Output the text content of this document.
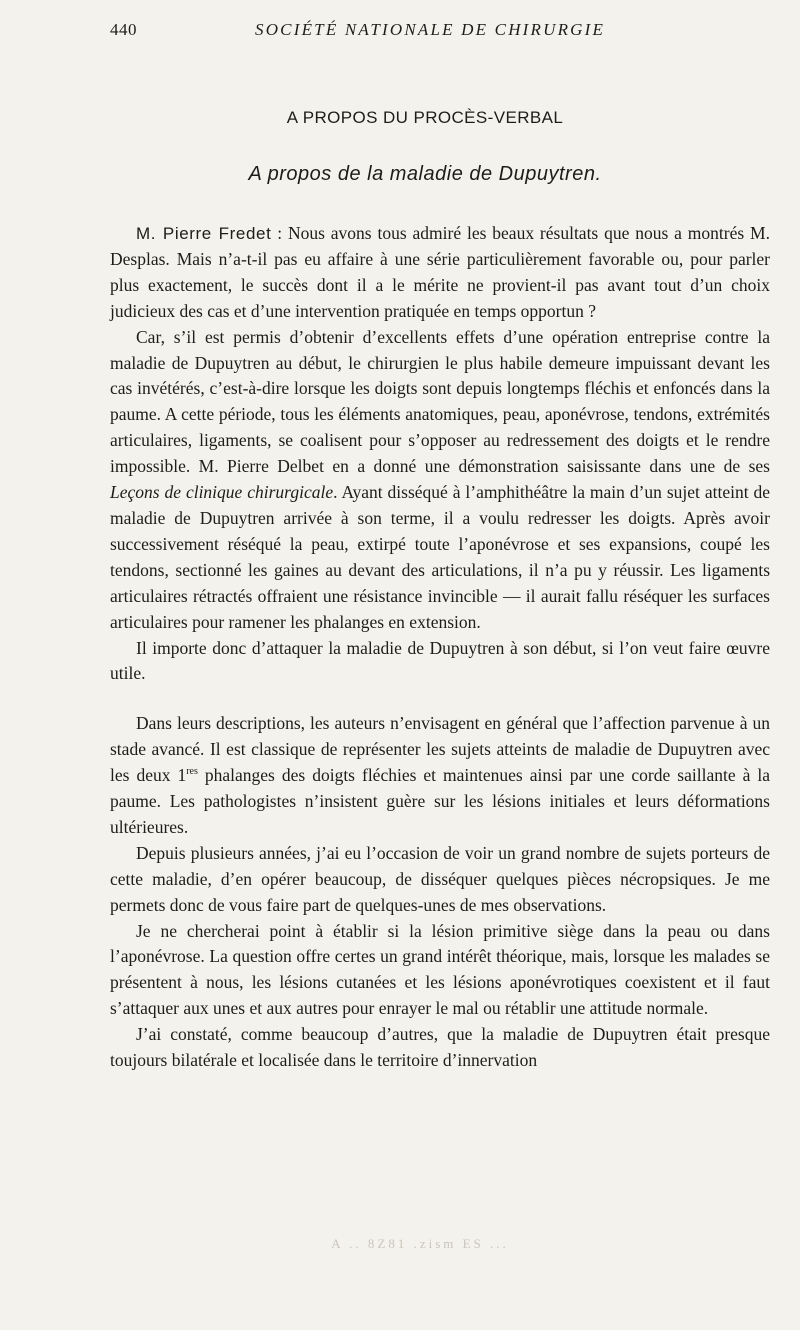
440	SOCIÉTÉ NATIONALE DE CHIRURGIE
A PROPOS DU PROCÈS-VERBAL
A propos de la maladie de Dupuytren.

M. Pierre Fredet : Nous avons tous admiré les beaux résultats que nous a montrés M. Desplas. Mais n’a-t-il pas eu affaire à une série particulièrement favorable ou, pour parler plus exactement, le succès dont il a le mérite ne provient-il pas avant tout d’un choix judicieux des cas et d’une intervention pratiquée en temps opportun ?

Car, s’il est permis d’obtenir d’excellents effets d’une opération entreprise contre la maladie de Dupuytren au début, le chirurgien le plus habile demeure impuissant devant les cas invétérés, c’est-à-dire lorsque les doigts sont depuis longtemps fléchis et enfoncés dans la paume. A cette période, tous les éléments anatomiques, peau, aponévrose, tendons, extrémités articulaires, ligaments, se coalisent pour s’opposer au redressement des doigts et le rendre impossible. M. Pierre Delbet en a donné une démonstration saisissante dans une de ses Leçons de clinique chirurgicale. Ayant disséqué à l’amphithéâtre la main d’un sujet atteint de maladie de Dupuytren arrivée à son terme, il a voulu redresser les doigts. Après avoir successivement réséqué la peau, extirpé toute l’aponévrose et ses expansions, coupé les tendons, sectionné les gaines au devant des articulations, il n’a pu y réussir. Les ligaments articulaires rétractés offraient une résistance invincible — il aurait fallu réséquer les surfaces articulaires pour ramener les phalanges en extension.

Il importe donc d’attaquer la maladie de Dupuytren à son début, si l’on veut faire œuvre utile.

Dans leurs descriptions, les auteurs n’envisagent en général que l’affection parvenue à un stade avancé. Il est classique de représenter les sujets atteints de maladie de Dupuytren avec les deux 1res phalanges des doigts fléchies et maintenues ainsi par une corde saillante à la paume. Les pathologistes n’insistent guère sur les lésions initiales et leurs déformations ultérieures.

Depuis plusieurs années, j’ai eu l’occasion de voir un grand nombre de sujets porteurs de cette maladie, d’en opérer beaucoup, de disséquer quelques pièces nécropsiques. Je me permets donc de vous faire part de quelques-unes de mes observations.

Je ne chercherai point à établir si la lésion primitive siège dans la peau ou dans l’aponévrose. La question offre certes un grand intérêt théorique, mais, lorsque les malades se présentent à nous, les lésions cutanées et les lésions aponévrotiques coexistent et il faut s’attaquer aux unes et aux autres pour enrayer le mal ou rétablir une attitude normale.

J’ai constaté, comme beaucoup d’autres, que la maladie de Dupuytren était presque toujours bilatérale et localisée dans le territoire d’innervation

A .. 8Z81 .zism ES ...
